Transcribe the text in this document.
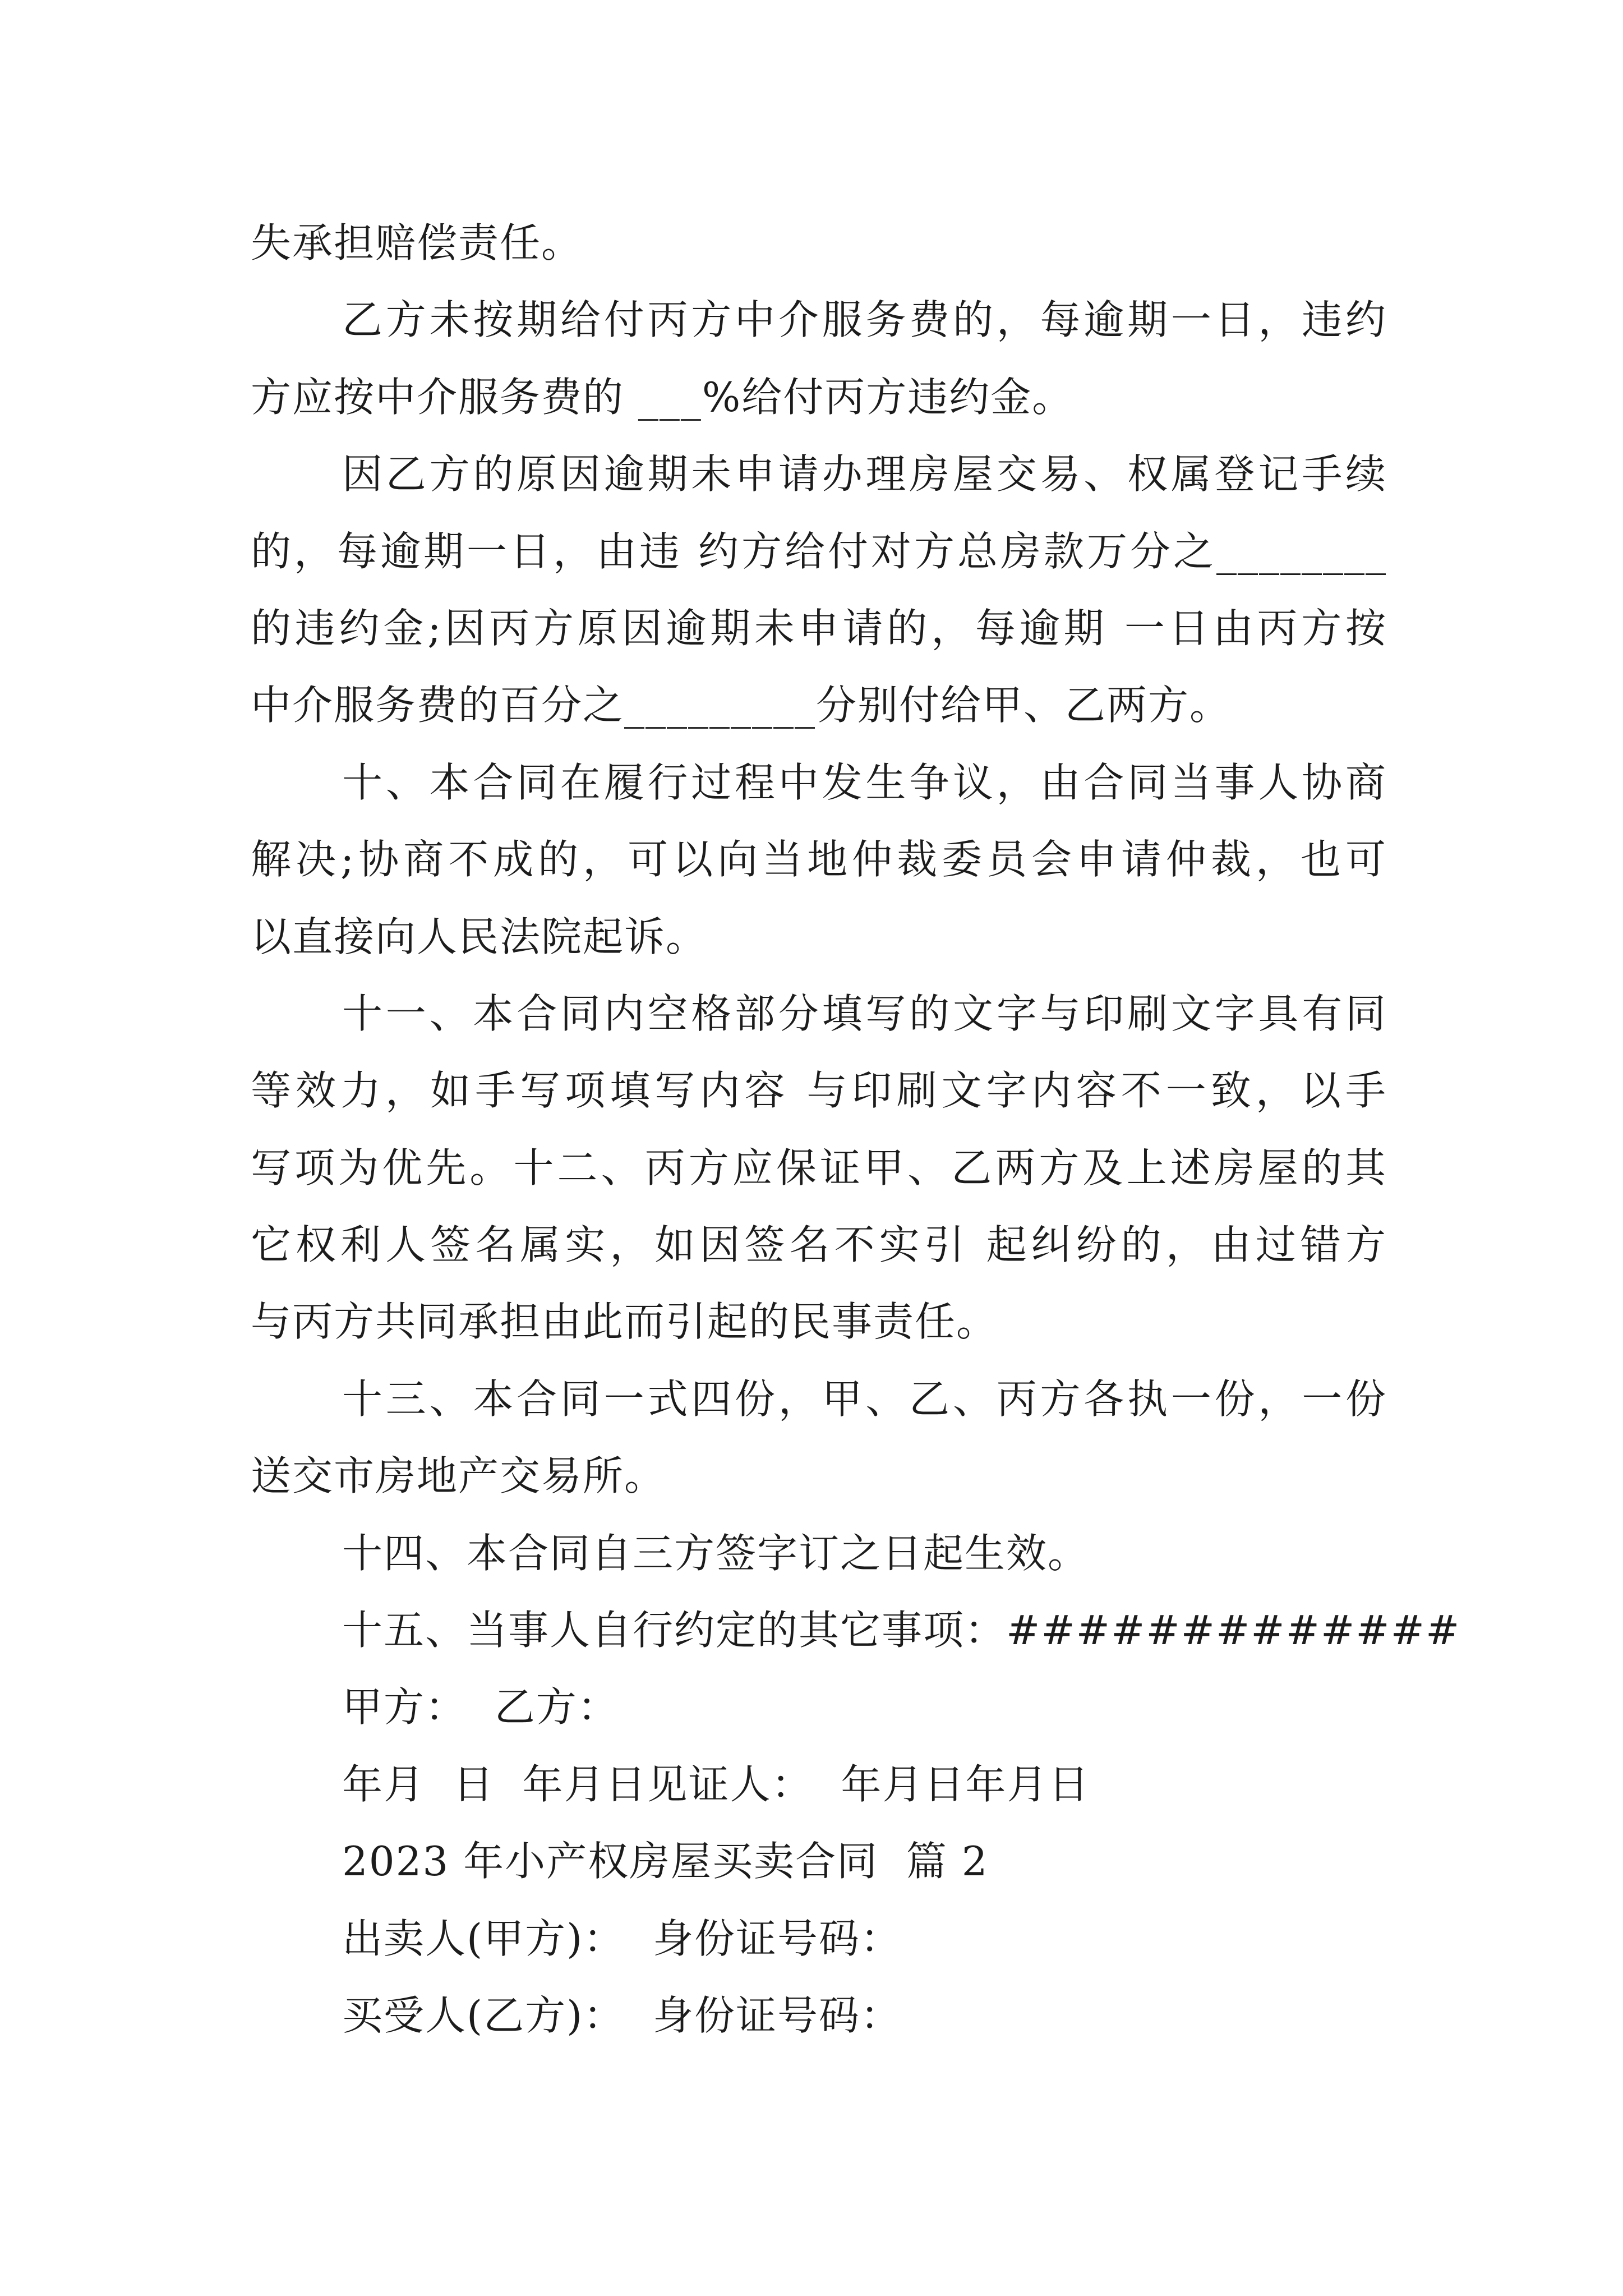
失承担赔偿责任。
乙方未按期给付丙方中介服务费的，每逾期一日，违约
方应按中介服务费的 ___%给付丙方违约金。
因乙方的原因逾期未申请办理房屋交易、权属登记手续
的，每逾期一日，由违 约方给付对方总房款万分之________
的违约金;因丙方原因逾期未申请的，每逾期 一日由丙方按
中介服务费的百分之_________分别付给甲、乙两方。
十、本合同在履行过程中发生争议，由合同当事人协商
解决;协商不成的，可以向当地仲裁委员会申请仲裁，也可
以直接向人民法院起诉。
十一、本合同内空格部分填写的文字与印刷文字具有同
等效力，如手写项填写内容 与印刷文字内容不一致，以手
写项为优先。十二、丙方应保证甲、乙两方及上述房屋的其
它权利人签名属实，如因签名不实引 起纠纷的，由过错方
与丙方共同承担由此而引起的民事责任。
十三、本合同一式四份，甲、乙、丙方各执一份，一份
送交市房地产交易所。
十四、本合同自三方签字订之日起生效。
十五、当事人自行约定的其它事项：#############
甲方：  乙方：
年月  日  年月日见证人：  年月日年月日
2023 年小产权房屋买卖合同  篇 2
出卖人(甲方)：  身份证号码：
买受人(乙方)：  身份证号码：
